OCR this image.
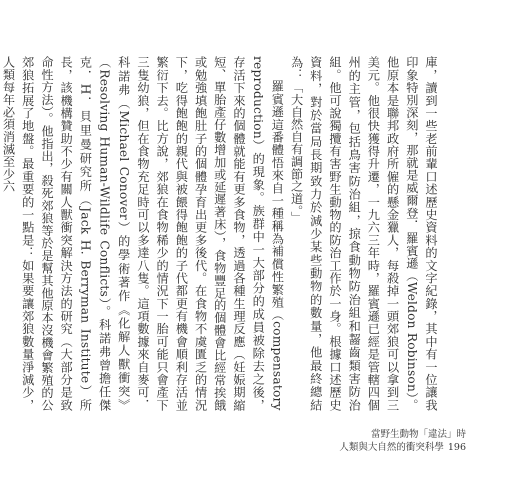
庫，讀到一些老前輩口述歷史資料的文字紀錄，其中有一位讓我印象特別深刻，那就是威爾登．羅賓遜（Weldon Robinson）。他原本是聯邦政府所僱的懸金獵人，每殺掉一頭郊狼可以拿到三美元。他很快獲得升遷，一九六三年時，羅賓遜已經是管轄四個州的主管，包括鳥害防治組，掠食動物防治組和齧齒類害防治組。他可說獨攬有害野生動物的防治工作於一身。根據口述歷史資料，對於當局長期致力於減少某些動物的數量，他最終總結為：「大自然自有調節之道。」

羅賓遜這番體悟來自一種稱為補償性繁殖（compensatory reproduction）的現象。族群中一大部分的成員被除去之後，存活下來的個體就能有更多食物，透過各種生理反應（妊娠期縮短、單胎產仔數增加或延遲著床），食物豐足的個體會比經常挨餓或勉強填飽肚子的個體孕育出更多後代。在食物不虞匱乏的情況下，吃得飽飽的親代與被餵得飽飽的子代都更有機會順利存活並繁衍下去。比方說，郊狼在食物稀少的情況下一胎可能只會產下三隻幼狼，但在食物充足時可以多達八隻。這項數據來自麥可．科諾弗（Michael Conover）的學術著作《化解人獸衝突》（Resolving Human-Wildlife Conflicts）。科諾弗曾擔任傑克．H．貝里曼研究所（Jack H. Berryman Institute）所長，該機構贊助不少有關人獸衝突解決方法的研究（大部分是致命性方法）。他指出，殺死郊狼等於是幫其他原本沒機會繁殖的公郊狼拓展了地盤。最重要的一點是：如果要讓郊狼數量淨減少，人類每年必須消滅至少六

當野生動物「違法」時
人類與大自然的衝突科學 196
